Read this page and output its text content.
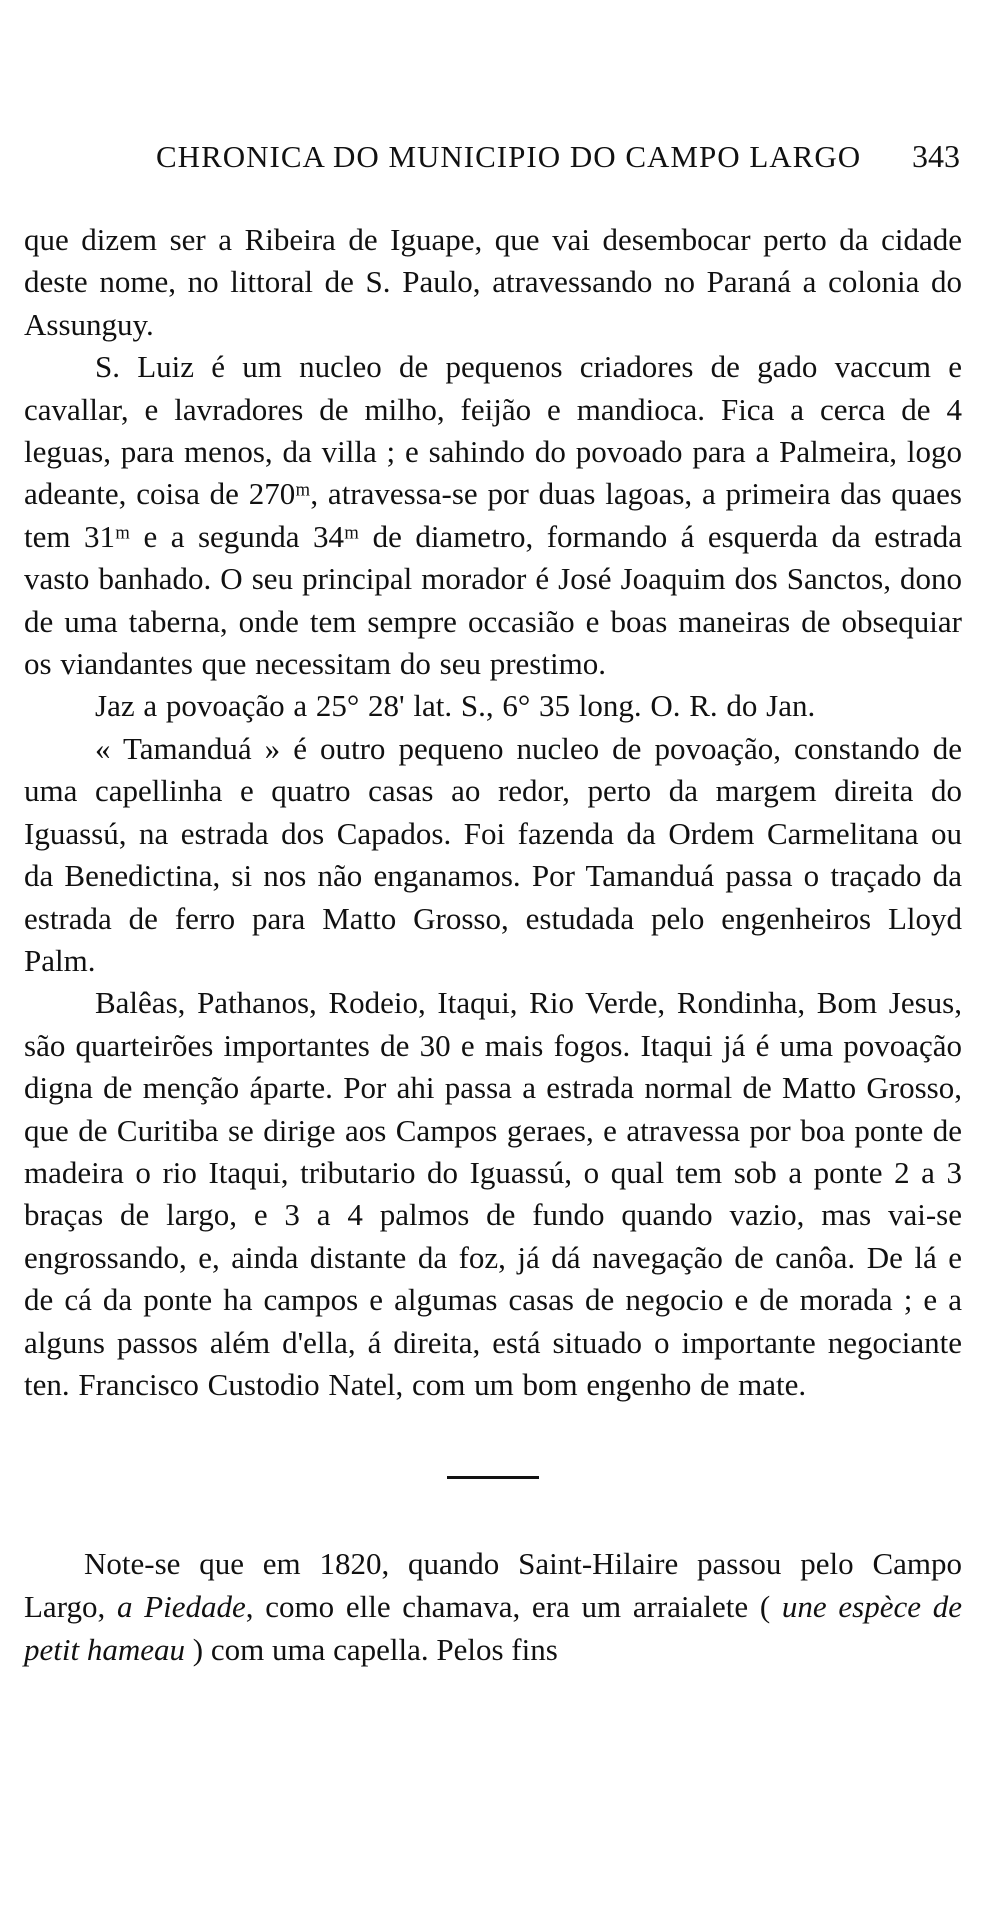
CHRONICA DO MUNICIPIO DO CAMPO LARGO 343

que dizem ser a Ribeira de Iguape, que vai desembocar perto da cidade deste nome, no littoral de S. Paulo, atravessando no Paraná a colonia do Assunguy.

S. Luiz é um nucleo de pequenos criadores de gado vaccum e cavallar, e lavradores de milho, feijão e mandioca. Fica a cerca de 4 leguas, para menos, da villa ; e sahindo do povoado para a Palmeira, logo adeante, coisa de 270ᵐ, atravessa-se por duas lagoas, a primeira das quaes tem 31ᵐ e a segunda 34ᵐ de diametro, formando á esquerda da estrada vasto banhado. O seu principal morador é José Joaquim dos Sanctos, dono de uma taberna, onde tem sempre occasião e boas maneiras de obsequiar os viandantes que necessitam do seu prestimo.

Jaz a povoação a 25° 28' lat. S., 6° 35 long. O. R. do Jan.

« Tamanduá » é outro pequeno nucleo de povoação, constando de uma capellinha e quatro casas ao redor, perto da margem direita do Iguassú, na estrada dos Capados. Foi fazenda da Ordem Carmelitana ou da Benedictina, si nos não enganamos. Por Tamanduá passa o traçado da estrada de ferro para Matto Grosso, estudada pelo engenheiros Lloyd Palm.

Balêas, Pathanos, Rodeio, Itaqui, Rio Verde, Rondinha, Bom Jesus, são quarteirões importantes de 30 e mais fogos. Itaqui já é uma povoação digna de menção áparte. Por ahi passa a estrada normal de Matto Grosso, que de Curitiba se dirige aos Campos geraes, e atravessa por boa ponte de madeira o rio Itaqui, tributario do Iguassú, o qual tem sob a ponte 2 a 3 braças de largo, e 3 a 4 palmos de fundo quando vazio, mas vai-se engrossando, e, ainda distante da foz, já dá navegação de canôa. De lá e de cá da ponte ha campos e algumas casas de negocio e de morada ; e a alguns passos além d'ella, á direita, está situado o importante negociante ten. Francisco Custodio Natel, com um bom engenho de mate.

Note-se que em 1820, quando Saint-Hilaire passou pelo Campo Largo, a Piedade, como elle chamava, era um arraialete ( une espèce de petit hameau ) com uma capella. Pelos fins
